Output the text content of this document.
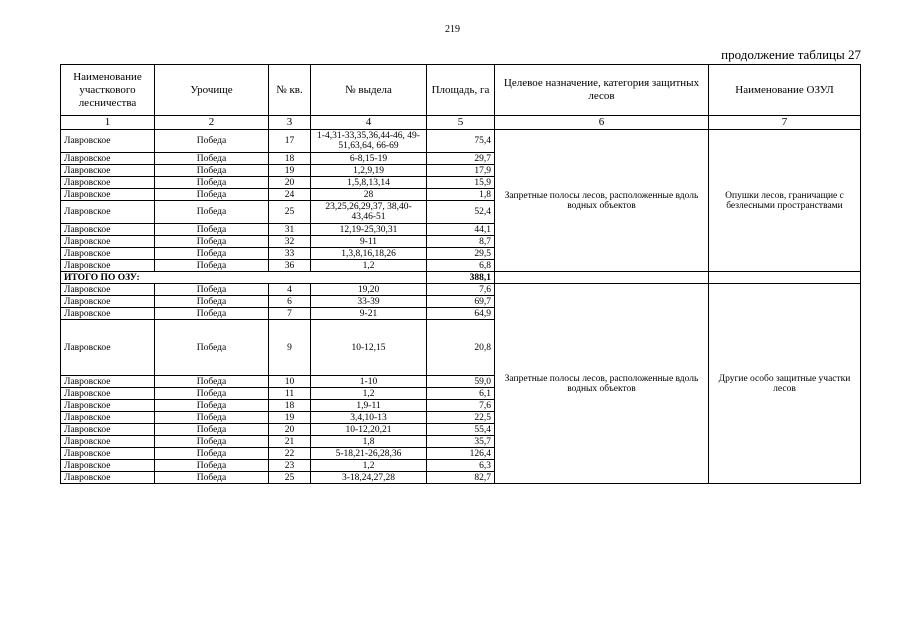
219
продолжение таблицы 27
Наименование участкового лесничества	Урочище	№ кв.	№ выдела	Площадь, га	Целевое назначение, категория защитных лесов	Наименование ОЗУЛ
1	2	3	4	5	6	7
Лавровское	Победа	17	1-4,31-33,35,36,44-46, 49-51,63,64, 66-69	75,4	Запретные полосы лесов, расположенные вдоль водных объектов	Опушки лесов, граничащие с безлесными пространствами
Лавровское	Победа	18	6-8,15-19	29,7		
Лавровское	Победа	19	1,2,9,19	17,9		
Лавровское	Победа	20	1,5,8,13,14	15,9		
Лавровское	Победа	24	28	1,8		
Лавровское	Победа	25	23,25,26,29,37, 38,40-43,46-51	52,4		
Лавровское	Победа	31	12,19-25,30,31	44,1		
Лавровское	Победа	32	9-11	8,7		
Лавровское	Победа	33	1,3,8,16,18,26	29,5		
Лавровское	Победа	36	1,2	6,8		
ИТОГО ПО ОЗУ:				388,1		
Лавровское	Победа	4	19,20	7,6	Запретные полосы лесов, расположенные вдоль водных объектов	Другие особо защитные участки лесов
Лавровское	Победа	6	33-39	69,7		
Лавровское	Победа	7	9-21	64,9		
Лавровское	Победа	9	10-12,15	20,8		
Лавровское	Победа	10	1-10	59,0		
Лавровское	Победа	11	1,2	6,1		
Лавровское	Победа	18	1,9-11	7,6		
Лавровское	Победа	19	3,4,10-13	22,5		
Лавровское	Победа	20	10-12,20,21	55,4		
Лавровское	Победа	21	1,8	35,7		
Лавровское	Победа	22	5-18,21-26,28,36	126,4		
Лавровское	Победа	23	1,2	6,3		
Лавровское	Победа	25	3-18,24,27,28	82,7		
